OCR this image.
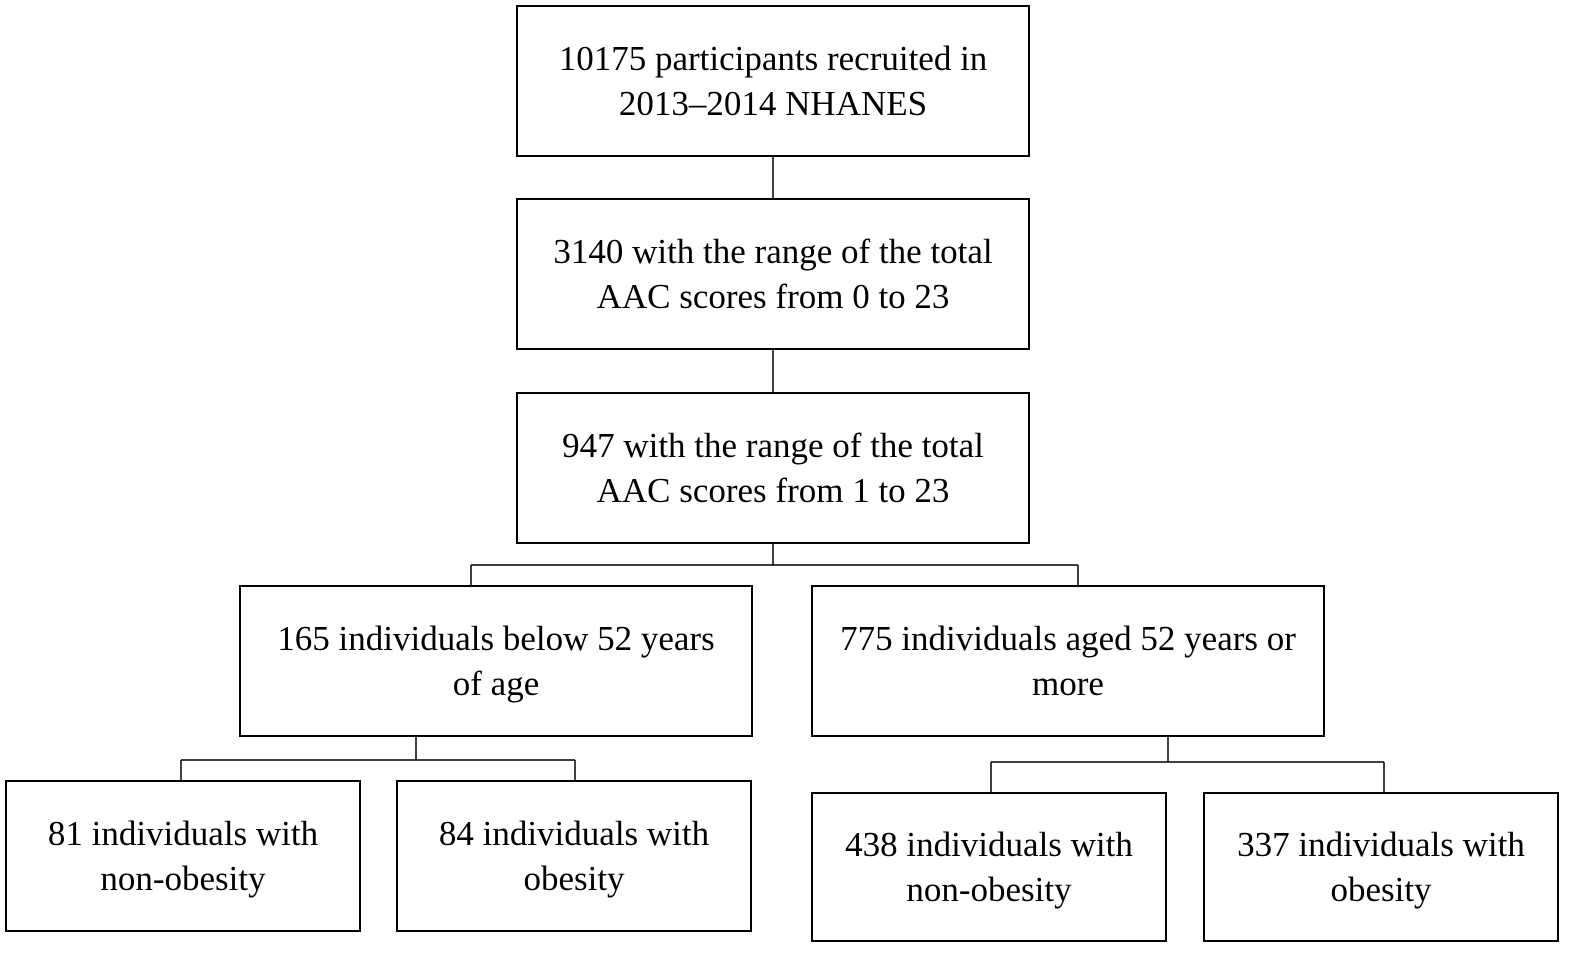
10175 participants recruited in
2013–2014 NHANES
3140 with the range of the total
AAC scores from 0 to 23
947 with the range of the total
AAC scores from 1 to 23
165 individuals below 52 years
of age
775 individuals aged 52 years or
more
81 individuals with
non-obesity
84 individuals with
obesity
438 individuals with
non-obesity
337 individuals with
obesity
